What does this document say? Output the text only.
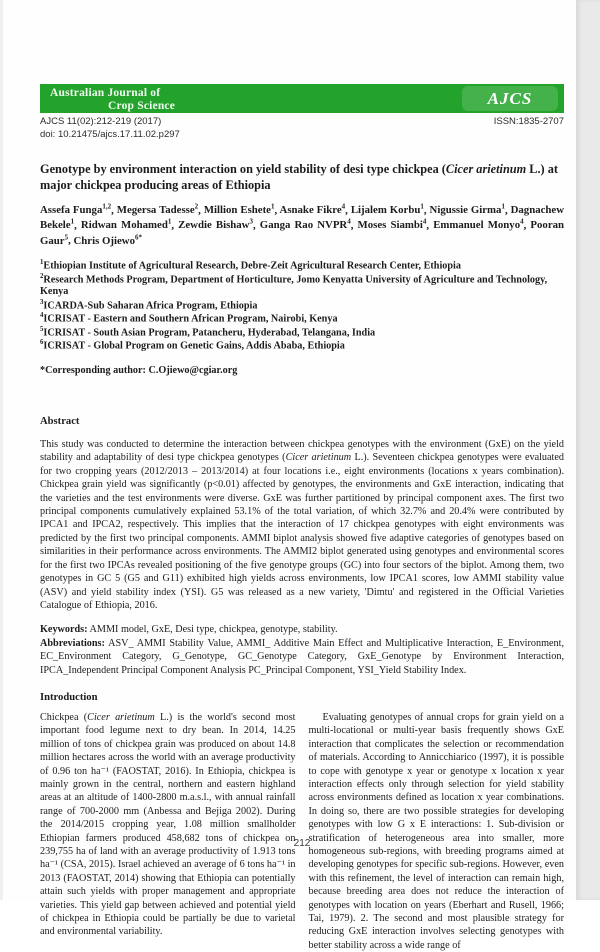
Australian Journal of
Crop Science	AJCS
AJCS 11(02):212-219 (2017)
doi: 10.21475/ajcs.17.11.02.p297
ISSN:1835-2707
Genotype by environment interaction on yield stability of desi type chickpea (Cicer arietinum L.) at major chickpea producing areas of Ethiopia

Assefa Funga$^{1,2}$, Megersa Tadesse$^2$, Million Eshete$^1$, Asnake Fikre$^4$, Lijalem Korbu$^1$, Nigussie Girma$^1$, Dagnachew Bekele$^1$, Ridwan Mohamed$^1$, Zewdie Bishaw$^3$, Ganga Rao NVPR$^4$, Moses Siambi$^4$, Emmanuel Monyo$^4$, Pooran Gaur$^5$, Chris Ojiewo$^{6*}$

$^1$Ethiopian Institute of Agricultural Research, Debre-Zeit Agricultural Research Center, Ethiopia
$^2$Research Methods Program, Department of Horticulture, Jomo Kenyatta University of Agriculture and Technology, Kenya
$^3$ICARDA-Sub Saharan Africa Program, Ethiopia
$^4$ICRISAT - Eastern and Southern African Program, Nairobi, Kenya
$^5$ICRISAT - South Asian Program, Patancheru, Hyderabad, Telangana, India
$^6$ICRISAT - Global Program on Genetic Gains, Addis Ababa, Ethiopia

*Corresponding author: C.Ojiewo@cgiar.org

Abstract

This study was conducted to determine the interaction between chickpea genotypes with the environment (GxE) on the yield stability and adaptability of desi type chickpea genotypes (Cicer arietinum L.). Seventeen chickpea genotypes were evaluated for two cropping years (2012/2013 – 2013/2014) at four locations i.e., eight environments (locations x years combination). Chickpea grain yield was significantly (p<0.01) affected by genotypes, the environments and GxE interaction, indicating that the varieties and the test environments were diverse. GxE was further partitioned by principal component axes. The first two principal components cumulatively explained 53.1% of the total variation, of which 32.7% and 20.4% were contributed by IPCA1 and IPCA2, respectively. This implies that the interaction of 17 chickpea genotypes with eight environments was predicted by the first two principal components. AMMI biplot analysis showed five adaptive categories of genotypes based on similarities in their performance across environments. The AMMI2 biplot generated using genotypes and environmental scores for the first two IPCAs revealed positioning of the five genotype groups (GC) into four sectors of the biplot. Among them, two genotypes in GC 5 (G5 and G11) exhibited high yields across environments, low IPCA1 scores, low AMMI stability value (ASV) and yield stability index (YSI). G5 was released as a new variety, 'Dimtu' and registered in the Official Varieties Catalogue of Ethiopia, 2016.

Keywords: AMMI model, GxE, Desi type, chickpea, genotype, stability.

Abbreviations: ASV_ AMMI Stability Value, AMMI_ Additive Main Effect and Multiplicative Interaction, E_Environment, EC_Environment Category, G_Genotype, GC_Genotype Category, GxE_Genotype by Environment Interaction, IPCA_Independent Principal Component Analysis PC_Principal Component, YSI_Yield Stability Index.

Introduction

Chickpea (Cicer arietinum L.) is the world's second most important food legume next to dry bean. In 2014, 14.25 million of tons of chickpea grain was produced on about 14.8 million hectares across the world with an average productivity of 0.96 ton ha⁻¹ (FAOSTAT, 2016). In Ethiopia, chickpea is mainly grown in the central, northern and eastern highland areas at an altitude of 1400-2800 m.a.s.l., with annual rainfall range of 700-2000 mm (Anbessa and Bejiga 2002). During the 2014/2015 cropping year, 1.08 million smallholder Ethiopian farmers produced 458,682 tons of chickpea on 239,755 ha of land with an average productivity of 1.913 tons ha⁻¹ (CSA, 2015). Israel achieved an average of 6 tons ha⁻¹ in 2013 (FAOSTAT, 2014) showing that Ethiopia can potentially attain such yields with proper management and appropriate varieties. This yield gap between achieved and potential yield of chickpea in Ethiopia could be partially be due to varietal and environmental variability.

Evaluating genotypes of annual crops for grain yield on a multi-locational or multi-year basis frequently shows GxE interaction that complicates the selection or recommendation of materials. According to Annicchiarico (1997), it is possible to cope with genotype x year or genotype x location x year interaction effects only through selection for yield stability across environments defined as location x year combinations. In doing so, there are two possible strategies for developing genotypes with low G x E interactions: 1. Sub-division or stratification of heterogeneous area into smaller, more homogeneous sub-regions, with breeding programs aimed at developing genotypes for specific sub-regions. However, even with this refinement, the level of interaction can remain high, because breeding area does not reduce the interaction of genotypes with location on years (Eberhart and Rusell, 1966; Tai, 1979). 2. The second and most plausible strategy for reducing GxE interaction involves selecting genotypes with better stability across a wide range of

212
